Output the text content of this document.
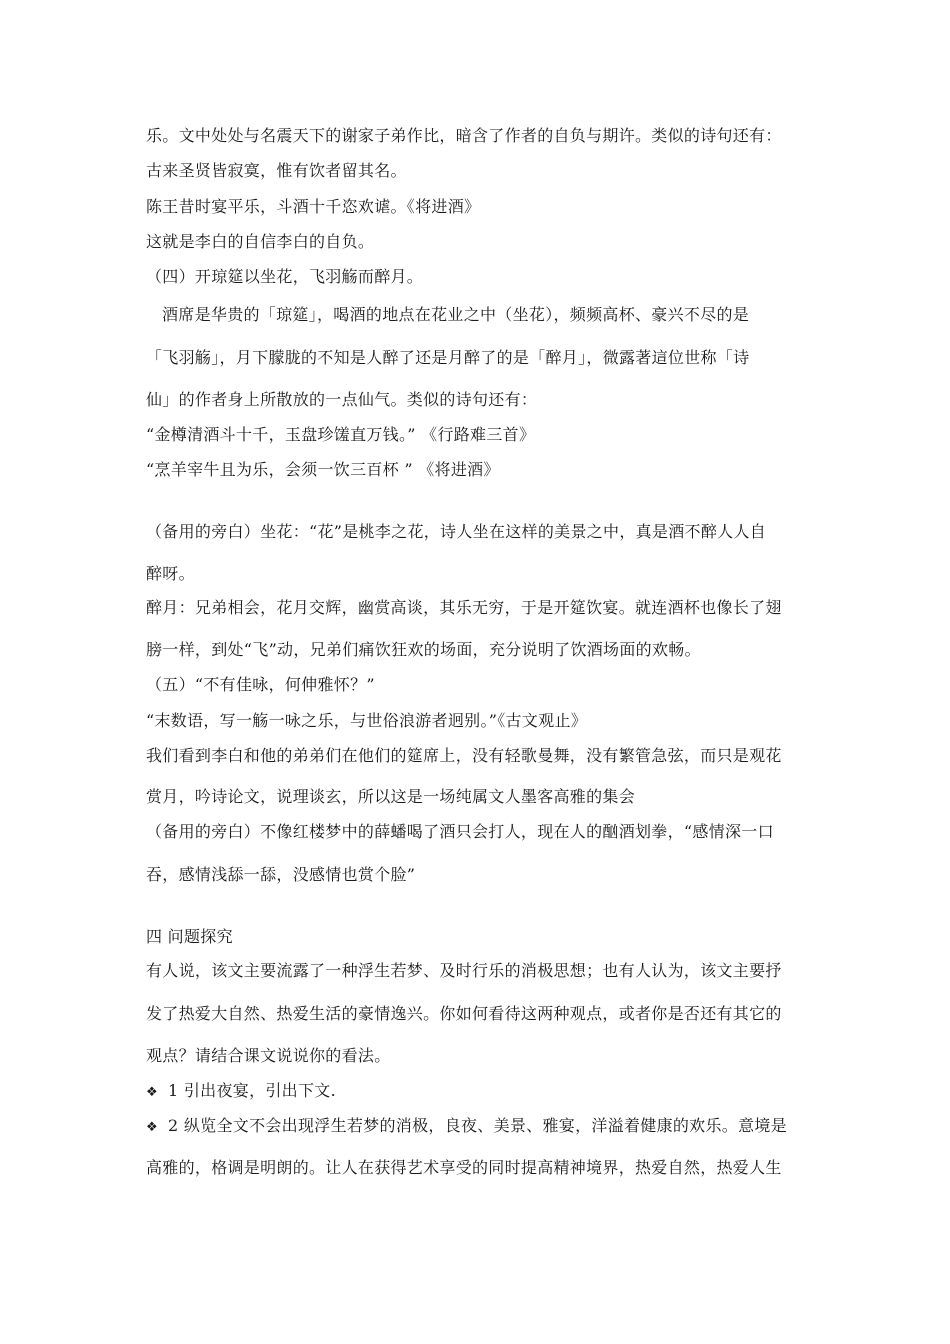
乐。文中处处与名震天下的谢家子弟作比，暗含了作者的自负与期许。类似的诗句还有：
古来圣贤皆寂寞，惟有饮者留其名。
陈王昔时宴平乐，斗酒十千恣欢谑。《将进酒》
这就是李白的自信李白的自负。
（四）开琼筵以坐花，飞羽觞而醉月。
酒席是华贵的「琼筵」，喝酒的地点在花业之中（坐花），频频高杯、豪兴不尽的是
「飞羽觞」，月下朦胧的不知是人醉了还是月醉了的是「醉月」，微露著這位世称「诗
仙」的作者身上所散放的一点仙气。类似的诗句还有：
“金樽清酒斗十千，玉盘珍馐直万钱。” 《行路难三首》
“烹羊宰牛且为乐，会须一饮三百杯 ” 《将进酒》
（备用的旁白）坐花：“花”是桃李之花，诗人坐在这样的美景之中，真是酒不醉人人自
醉呀。
醉月：兄弟相会，花月交辉，幽赏高谈，其乐无穷，于是开筵饮宴。就连酒杯也像长了翅
膀一样，到处“飞”动，兄弟们痛饮狂欢的场面，充分说明了饮酒场面的欢畅。
（五）“不有佳咏，何伸雅怀？”
“末数语，写一觞一咏之乐，与世俗浪游者迥别。”《古文观止》
我们看到李白和他的弟弟们在他们的筵席上，没有轻歌曼舞，没有繁管急弦，而只是观花
赏月，吟诗论文，说理谈玄，所以这是一场纯属文人墨客高雅的集会
（备用的旁白）不像红楼梦中的薛蟠喝了酒只会打人，现在人的酗酒划拳，“感情深一口
吞，感情浅舔一舔，没感情也赏个脸”
四 问题探究
有人说，该文主要流露了一种浮生若梦、及时行乐的消极思想；也有人认为，该文主要抒
发了热爱大自然、热爱生活的豪情逸兴。你如何看待这两种观点，或者你是否还有其它的
观点？请结合课文说说你的看法。
❖ 1 引出夜宴，引出下文.
❖ 2 纵览全文不会出现浮生若梦的消极，良夜、美景、雅宴，洋溢着健康的欢乐。意境是
高雅的，格调是明朗的。让人在获得艺术享受的同时提高精神境界，热爱自然，热爱人生
